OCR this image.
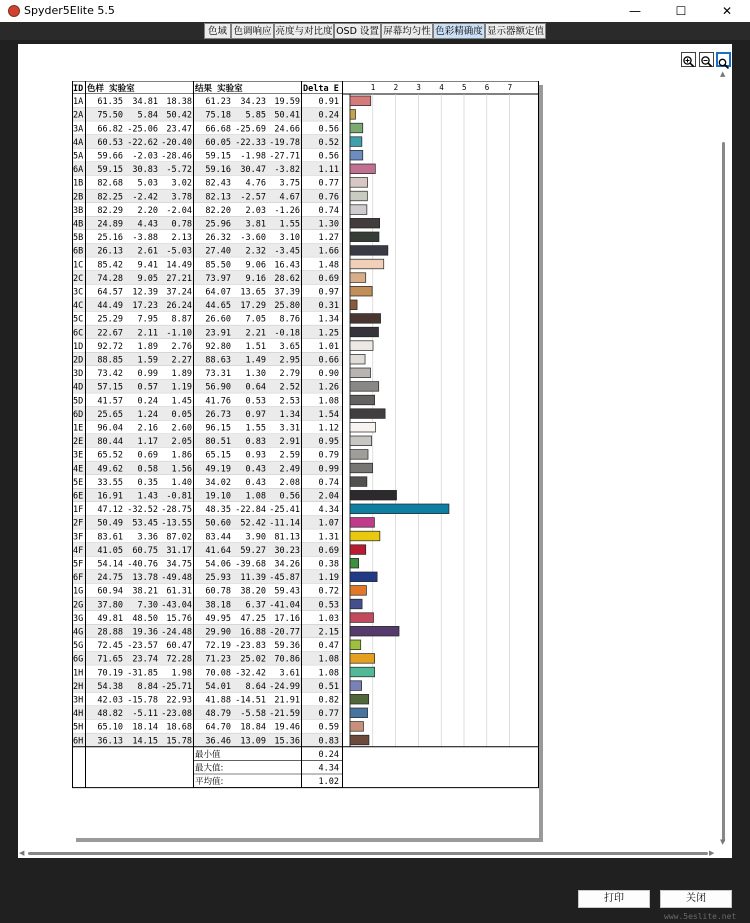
Spyder5Elite 5.5	—	☐	✕
色域 色调响应 亮度与对比度 OSD 设置 屏幕均匀性 色彩精确度 显示器额定值
ID 色样 实验室	结果 实验室	Delta E	1 2 3 4 5 6 7
1A 61.35 34.81 18.38 61.23 34.23 19.59 0.91
2A 75.50 5.84 50.42 75.18 5.85 50.41 0.24
3A 66.82 -25.06 23.47 66.68 -25.69 24.66 0.56
4A 60.53 -22.62 -20.40 60.05 -22.33 -19.78 0.52
5A 59.66 -2.03 -28.46 59.15 -1.98 -27.71 0.56
6A 59.15 30.83 -5.72 59.16 30.47 -3.82 1.11
1B 82.68 5.03 3.02 82.43 4.76 3.75 0.77
2B 82.25 -2.42 3.78 82.13 -2.57 4.67 0.76
3B 82.29 2.20 -2.04 82.20 2.03 -1.26 0.74
4B 24.89 4.43 0.78 25.96 3.81 1.55 1.30
5B 25.16 -3.88 2.13 26.32 -3.60 3.10 1.27
6B 26.13 2.61 -5.03 27.40 2.32 -3.45 1.66
1C 85.42 9.41 14.49 85.50 9.06 16.43 1.48
2C 74.28 9.05 27.21 73.97 9.16 28.62 0.69
3C 64.57 12.39 37.24 64.07 13.65 37.39 0.97
4C 44.49 17.23 26.24 44.65 17.29 25.80 0.31
5C 25.29 7.95 8.87 26.60 7.05 8.76 1.34
6C 22.67 2.11 -1.10 23.91 2.21 -0.18 1.25
1D 92.72 1.89 2.76 92.80 1.51 3.65 1.01
2D 88.85 1.59 2.27 88.63 1.49 2.95 0.66
3D 73.42 0.99 1.89 73.31 1.30 2.79 0.90
4D 57.15 0.57 1.19 56.90 0.64 2.52 1.26
5D 41.57 0.24 1.45 41.76 0.53 2.53 1.08
6D 25.65 1.24 0.05 26.73 0.97 1.34 1.54
1E 96.04 2.16 2.60 96.15 1.55 3.31 1.12
2E 80.44 1.17 2.05 80.51 0.83 2.91 0.95
3E 65.52 0.69 1.86 65.15 0.93 2.59 0.79
4E 49.62 0.58 1.56 49.19 0.43 2.49 0.99
5E 33.55 0.35 1.40 34.02 0.43 2.08 0.74
6E 16.91 1.43 -0.81 19.10 1.08 0.56 2.04
1F 47.12 -32.52 -28.75 48.35 -22.84 -25.41 4.34
2F 50.49 53.45 -13.55 50.60 52.42 -11.14 1.07
3F 83.61 3.36 87.02 83.44 3.90 81.13 1.31
4F 41.05 60.75 31.17 41.64 59.27 30.23 0.69
5F 54.14 -40.76 34.75 54.06 -39.68 34.26 0.38
6F 24.75 13.78 -49.48 25.93 11.39 -45.87 1.19
1G 60.94 38.21 61.31 60.78 38.20 59.43 0.72
2G 37.80 7.30 -43.04 38.18 6.37 -41.04 0.53
3G 49.81 48.50 15.76 49.95 47.25 17.16 1.03
4G 28.88 19.36 -24.48 29.90 16.88 -20.77 2.15
5G 72.45 -23.57 60.47 72.19 -23.83 59.36 0.47
6G 71.65 23.74 72.28 71.23 25.02 70.86 1.08
1H 70.19 -31.85 1.98 70.08 -32.42 3.61 1.08
2H 54.38 8.84 -25.71 54.01 8.64 -24.99 0.51
3H 42.03 -15.78 22.93 41.88 -14.51 21.91 0.82
4H 48.82 -5.11 -23.08 48.79 -5.58 -21.59 0.77
5H 65.10 18.14 18.68 64.70 18.84 19.46 0.59
6H 36.13 14.15 15.78 36.46 13.09 15.36 0.83
最小值	0.24
最大值:	4.34
平均值:	1.02
▲
▼
◀	▶
打印	关闭
www.5eslite.net
